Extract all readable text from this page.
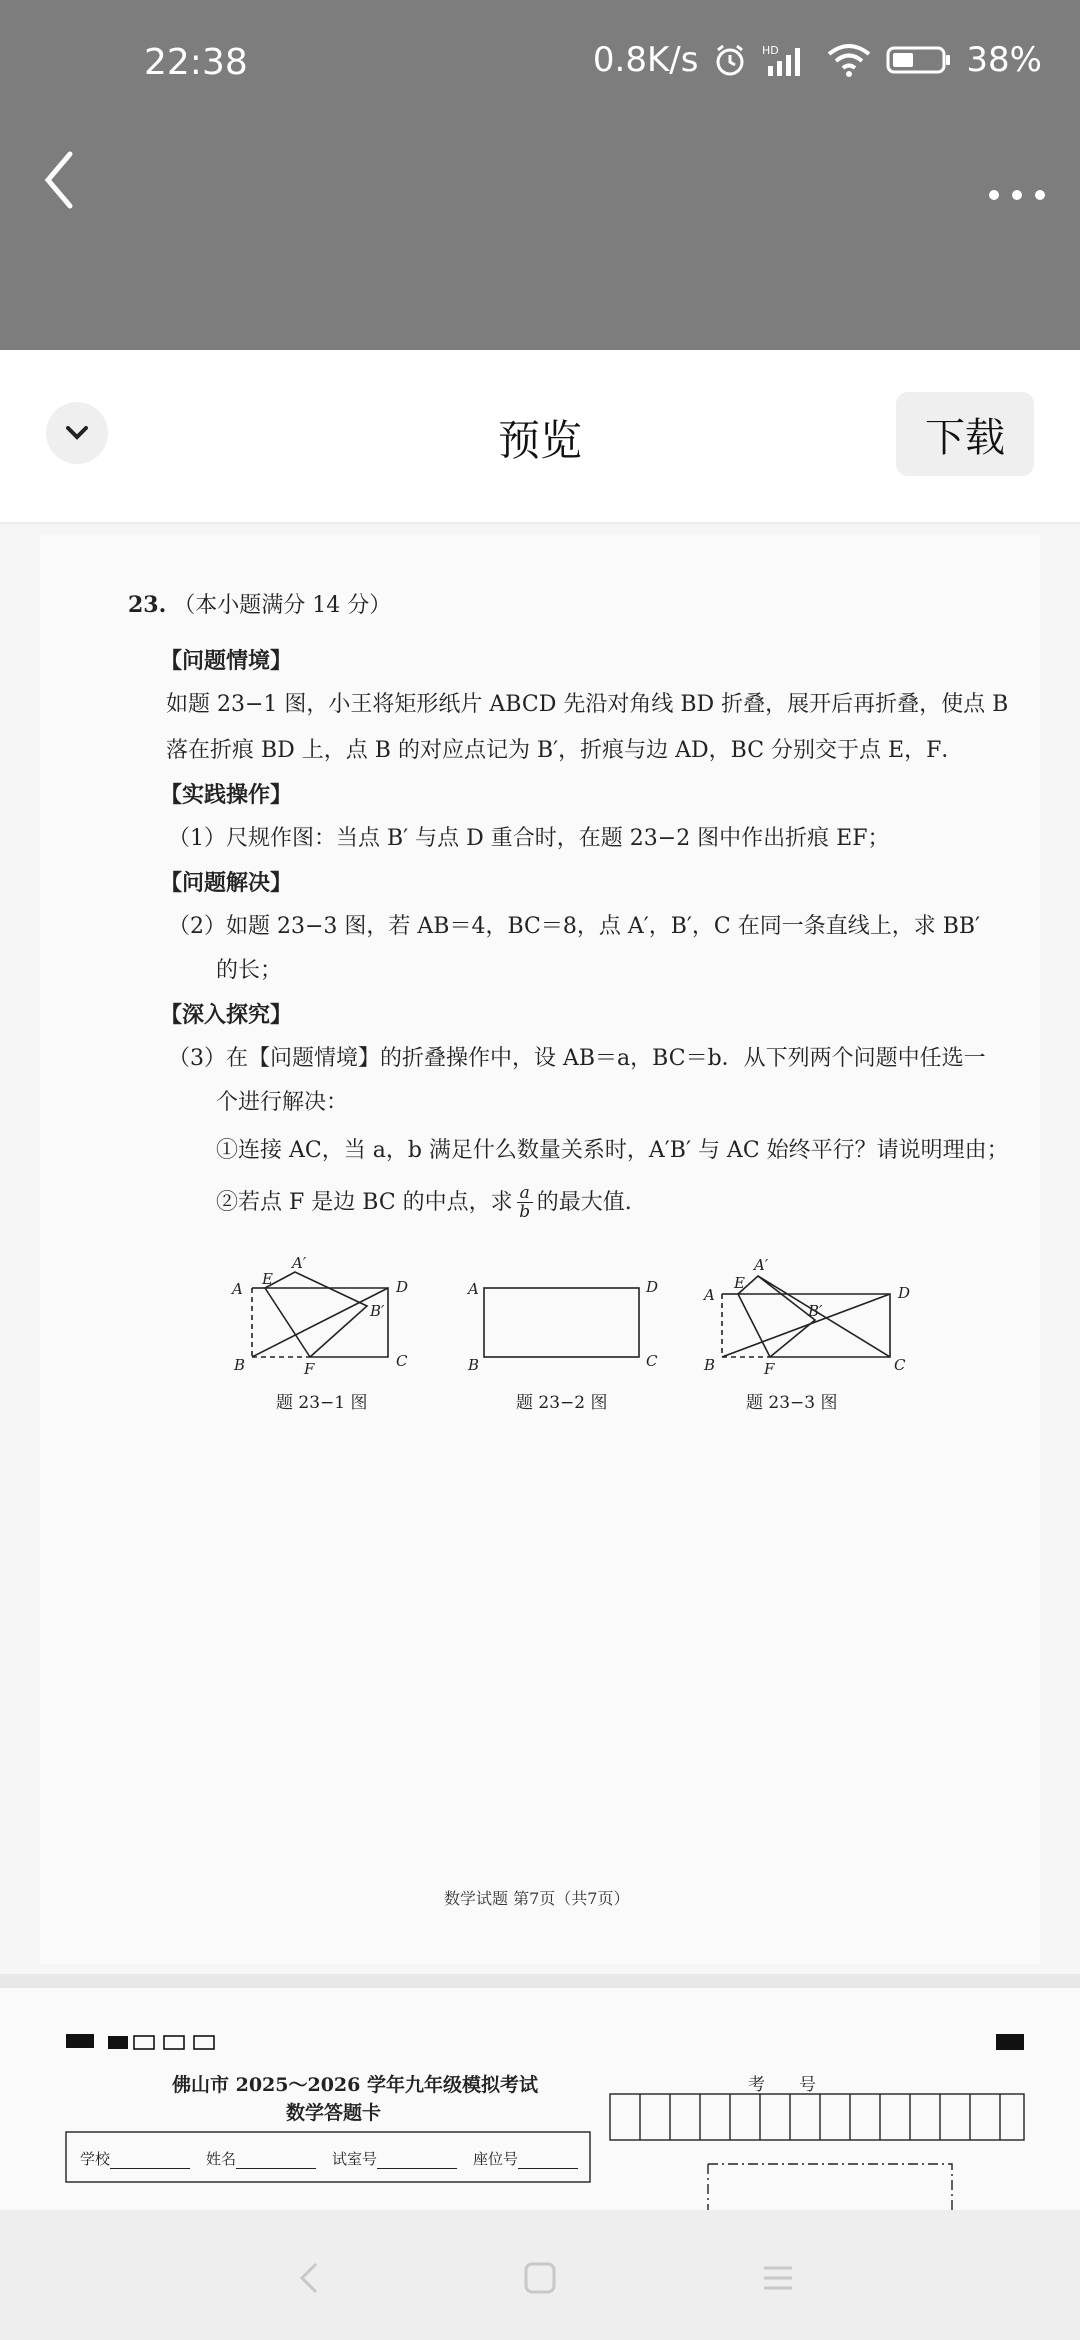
22:38	0.8K/s	HD	38%
预览	下载
23. （本小题满分 14 分）
【问题情境】
如题 23−1 图，小王将矩形纸片 ABCD 先沿对角线 BD 折叠，展开后再折叠，使点 B
落在折痕 BD 上，点 B 的对应点记为 B′，折痕与边 AD，BC 分别交于点 E，F．
【实践操作】
（1）尺规作图：当点 B′ 与点 D 重合时，在题 23−2 图中作出折痕 EF；
【问题解决】
（2）如题 23−3 图，若 AB＝4，BC＝8，点 A′，B′，C 在同一条直线上，求 BB′
的长；
【深入探究】
（3）在【问题情境】的折叠操作中，设 AB＝a，BC＝b．从下列两个问题中任选一
个进行解决：
①连接 AC，当 a，b 满足什么数量关系时，A′B′ 与 AC 始终平行？请说明理由；
②若点 F 是边 BC 的中点，求 $\frac{a}{b}$ 的最大值.
A′
A
E	D
B′
B	F	C
题 23−1 图
A	D
B	C
题 23−2 图
A′
A
E
D
B′
B	F	C
题 23−3 图
数学试题 第7页（共7页）
佛山市 2025～2026 学年九年级模拟考试
数学答题卡
考　　号
学校	姓名	试室号	座位号
